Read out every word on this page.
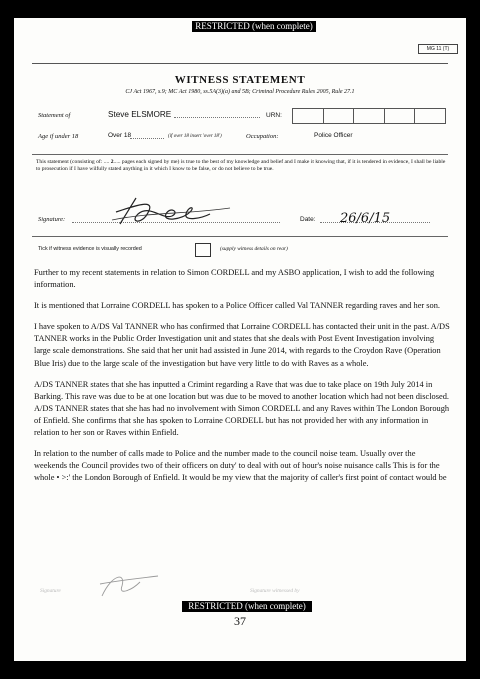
RESTRICTED (when complete)
MG 11 (T)
WITNESS STATEMENT
CJ Act 1967, s.9; MC Act 1980, ss.5A(3)(a) and 5B; Criminal Procedure Rules 2005, Rule 27.1
Statement of	Steve ELSMORE	URN:
Age if under 18	Over 18	(if over 18 insert 'over 18')	Occupation:	Police Officer
This statement (consisting of: .... 2..... pages each signed by me) is true to the best of my knowledge and belief and I make it knowing that, if it is tendered in evidence, I shall be liable to prosecution if I have wilfully stated anything in it which I know to be false, or do not believe to be true.
Signature:	Date: 26/6/15
Tick if witness evidence is visually recorded	(supply witness details on rear)

Further to my recent statements in relation to Simon CORDELL and my ASBO application, I wish to add the following information.

It is mentioned that Lorraine CORDELL has spoken to a Police Officer called Val TANNER regarding raves and her son.

I have spoken to A/DS Val TANNER who has confirmed that Lorraine CORDELL has contacted their unit in the past. A/DS TANNER works in the Public Order Investigation unit and states that she deals with Post Event Investigation involving large scale demonstrations. She said that her unit had assisted in June 2014, with regards to the Croydon Rave (Operation Blue Iris) due to the large scale of the investigation but have very little to do with Raves as a whole.

A/DS TANNER states that she has inputted a Crimint regarding a Rave that was due to take place on 19th July 2014 in Barking. This rave was due to be at one location but was due to be moved to another location which had not been disclosed. A/DS TANNER states that she has had no involvement with Simon CORDELL and any Raves within The London Borough of Enfield. She confirms that she has spoken to Lorraine CORDELL but has not provided her with any information in relation to her son or Raves within Enfield.

In relation to the number of calls made to Police and the number made to the council noise team. Usually over the weekends the Council provides two of their officers on duty' to deal with out of hour's noise nuisance calls This is for the whole • >:' the London Borough of Enfield. It would be my view that the majority of caller's first point of contact would be

Signature	Signature witnessed by
RESTRICTED (when complete)
37
